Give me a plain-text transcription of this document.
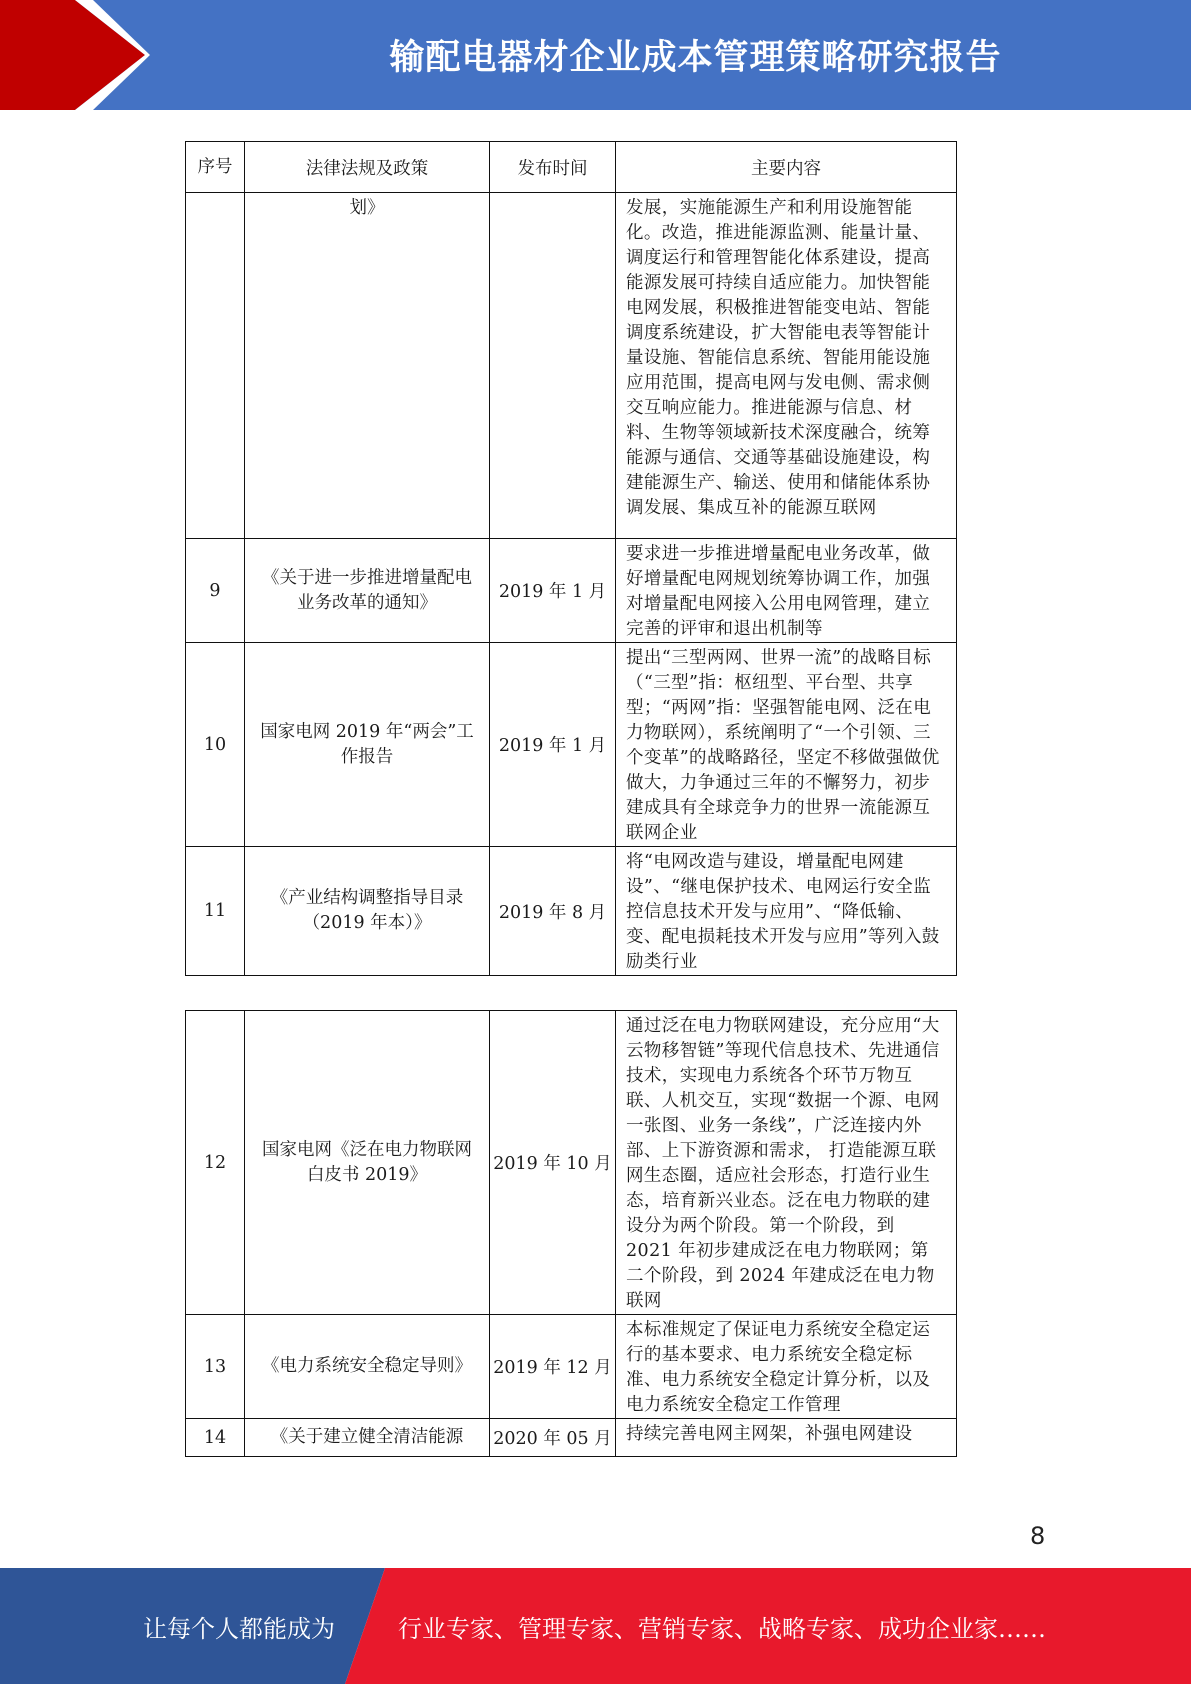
输配电器材企业成本管理策略研究报告
序号	法律法规及政策	发布时间	主要内容
	划》		发展，实施能源生产和利用设施智能化。改造，推进能源监测、能量计量、调度运行和管理智能化体系建设，提高能源发展可持续自适应能力。加快智能电网发展，积极推进智能变电站、智能调度系统建设，扩大智能电表等智能计量设施、智能信息系统、智能用能设施应用范围，提高电网与发电侧、需求侧交互响应能力。推进能源与信息、材料、生物等领域新技术深度融合，统筹能源与通信、交通等基础设施建设，构建能源生产、输送、使用和储能体系协调发展、集成互补的能源互联网
9	《关于进一步推进增量配电业务改革的通知》	2019 年 1 月	要求进一步推进增量配电业务改革，做好增量配电网规划统筹协调工作，加强对增量配电网接入公用电网管理，建立完善的评审和退出机制等
10	国家电网 2019 年“两会”工作报告	2019 年 1 月	提出“三型两网、世界一流”的战略目标（“三型”指：枢纽型、平台型、共享型；“两网”指：坚强智能电网、泛在电力物联网），系统阐明了“一个引领、三个变革”的战略路径，坚定不移做强做优做大，力争通过三年的不懈努力，初步建成具有全球竞争力的世界一流能源互联网企业
11	《产业结构调整指导目录（2019 年本）》	2019 年 8 月	将“电网改造与建设，增量配电网建设”、“继电保护技术、电网运行安全监控信息技术开发与应用”、“降低输、变、配电损耗技术开发与应用”等列入鼓励类行业
12	国家电网《泛在电力物联网白皮书 2019》	2019 年 10 月	通过泛在电力物联网建设，充分应用“大云物移智链”等现代信息技术、先进通信技术，实现电力系统各个环节万物互联、人机交互，实现“数据一个源、电网一张图、业务一条线”，广泛连接内外部、上下游资源和需求， 打造能源互联网生态圈，适应社会形态，打造行业生态，培育新兴业态。泛在电力物联的建设分为两个阶段。第一个阶段，到 2021 年初步建成泛在电力物联网；第二个阶段，到 2024 年建成泛在电力物联网
13	《电力系统安全稳定导则》	2019 年 12 月	本标准规定了保证电力系统安全稳定运行的基本要求、电力系统安全稳定标准、电力系统安全稳定计算分析，以及电力系统安全稳定工作管理
14	《关于建立健全清洁能源	2020 年 05 月	持续完善电网主网架，补强电网建设
8
让每个人都能成为	行业专家、管理专家、营销专家、战略专家、成功企业家……
